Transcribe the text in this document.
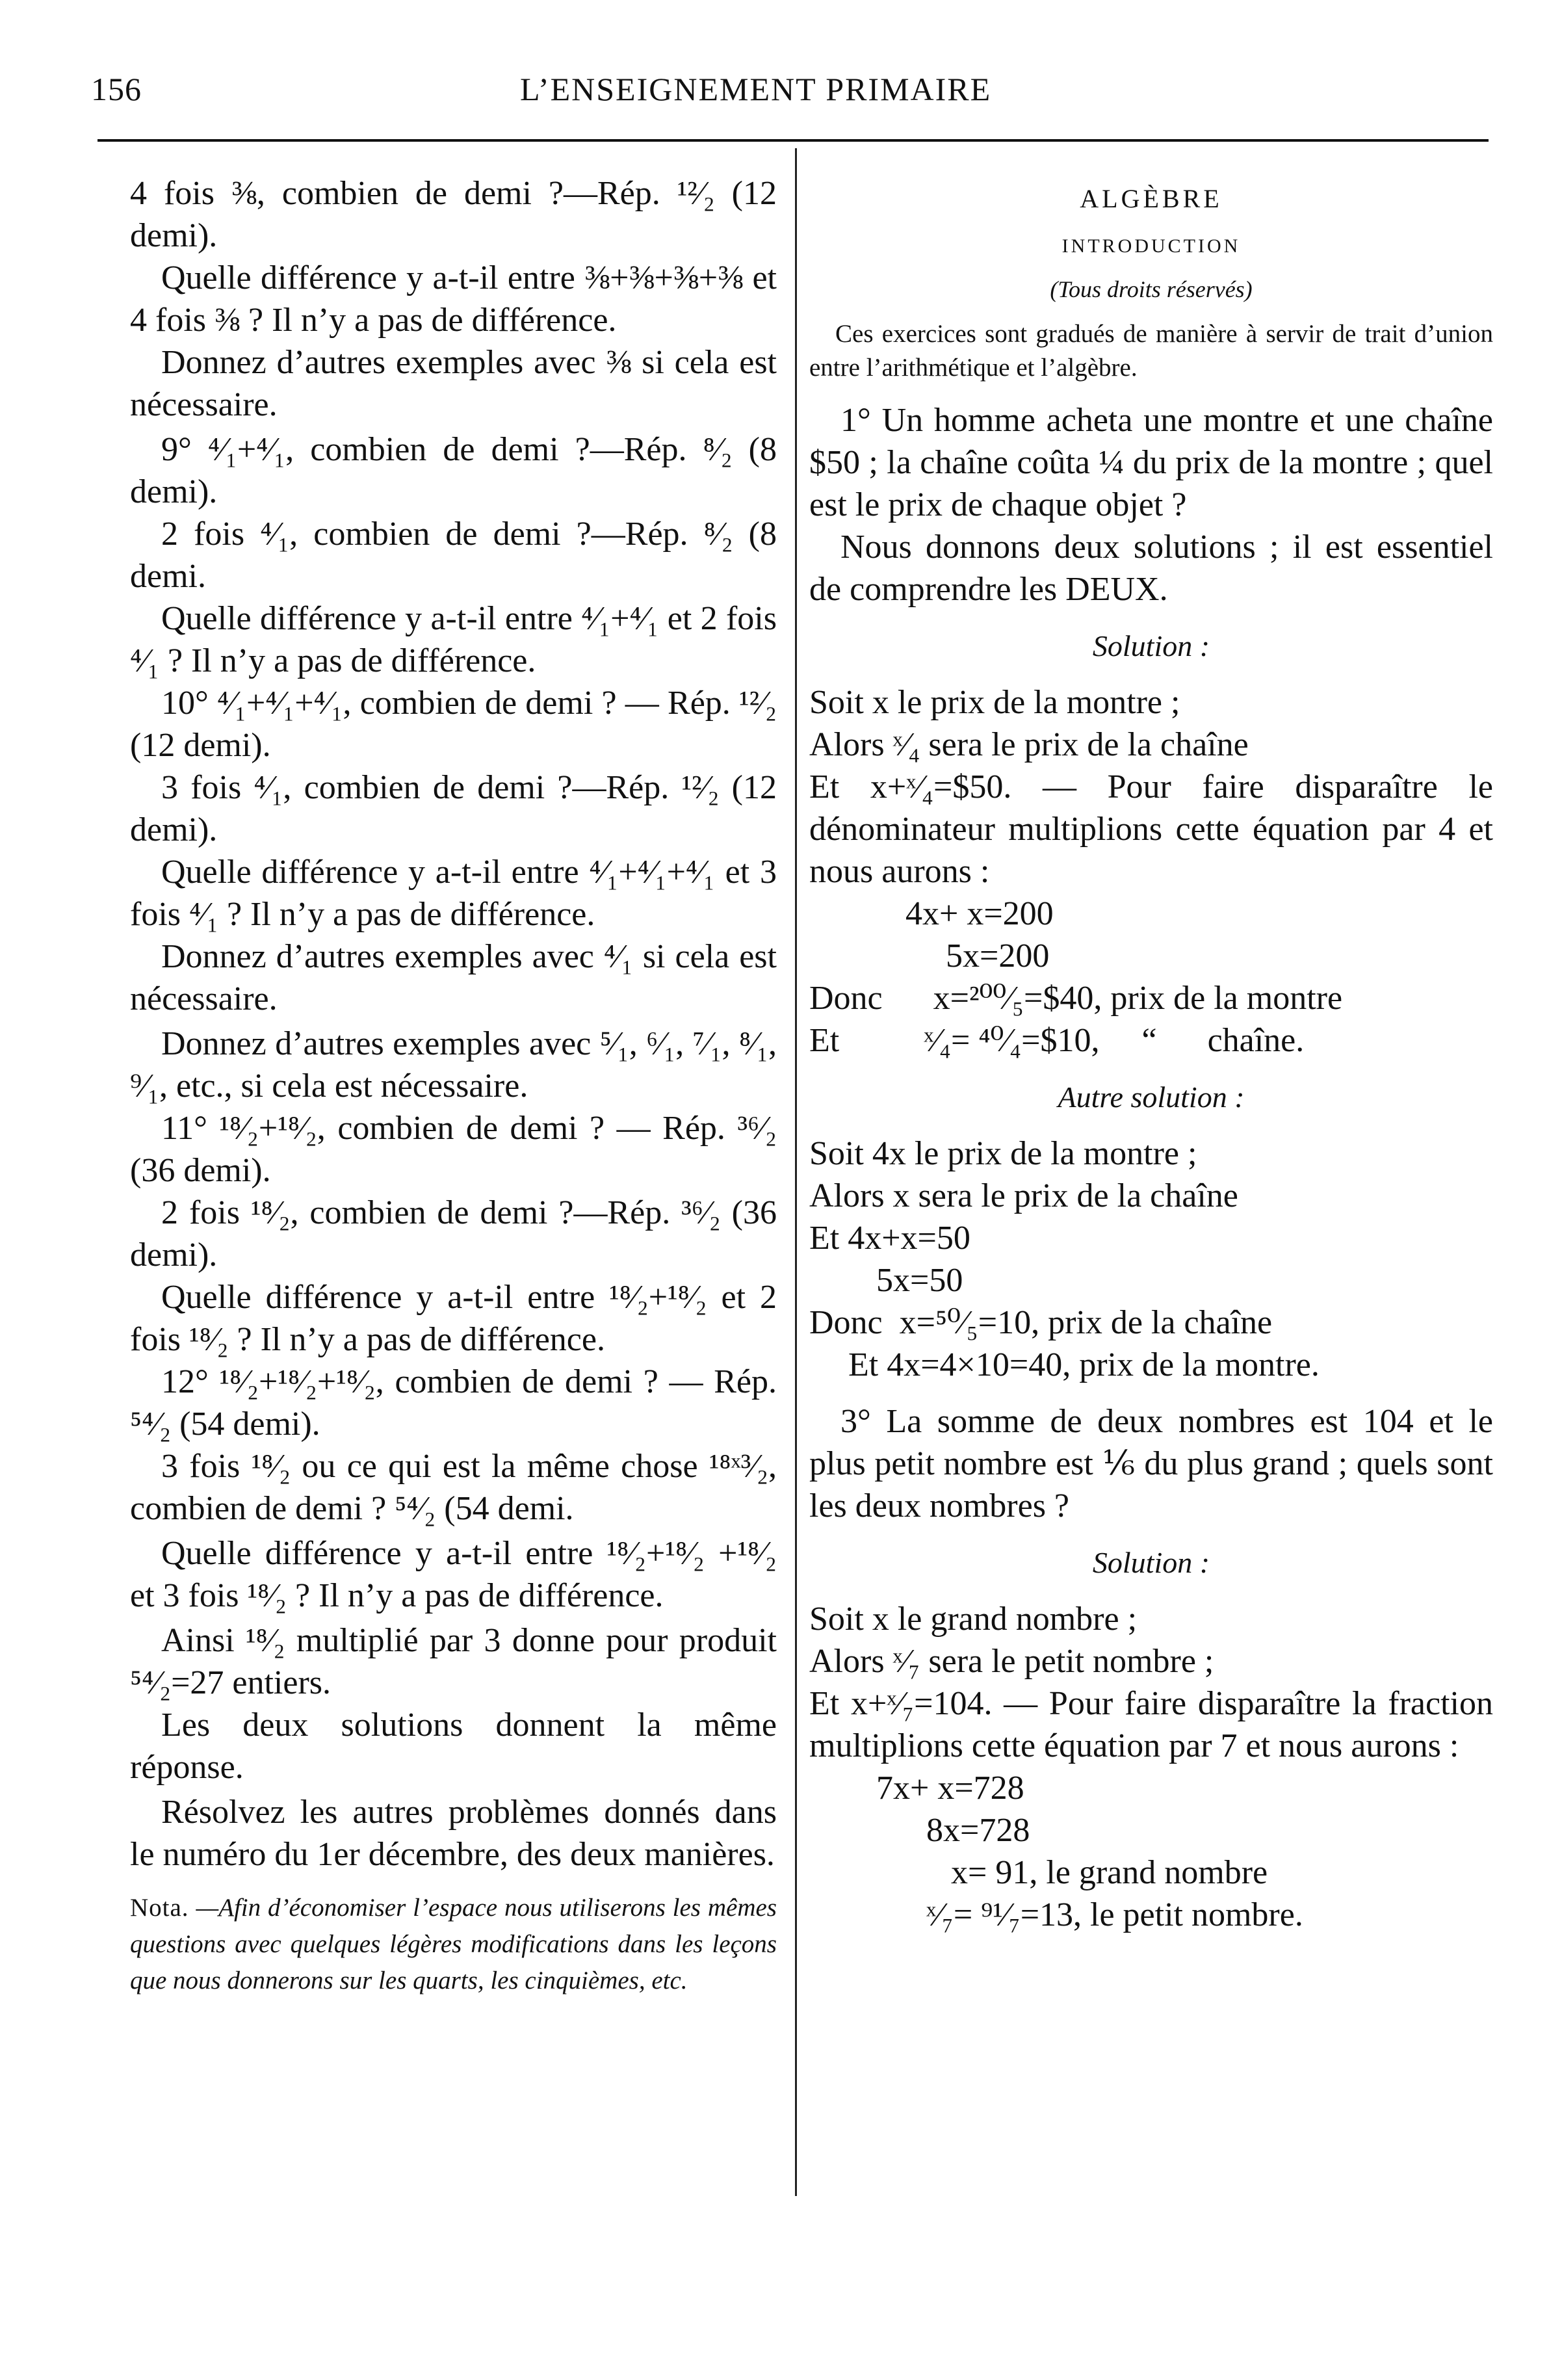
156	L’ENSEIGNEMENT PRIMAIRE

4 fois ⅜, combien de demi ?—Rép. ¹²⁄₂ (12 demi).

Quelle différence y a-t-il entre ⅜+⅜+⅜+⅜ et 4 fois ⅜ ? Il n’y a pas de différence.

Donnez d’autres exemples avec ⅜ si cela est nécessaire.

9° ⁴⁄₁+⁴⁄₁, combien de demi ?—Rép. ⁸⁄₂ (8 demi).

2 fois ⁴⁄₁, combien de demi ?—Rép. ⁸⁄₂ (8 demi.

Quelle différence y a-t-il entre ⁴⁄₁+⁴⁄₁ et 2 fois ⁴⁄₁ ? Il n’y a pas de différence.

10° ⁴⁄₁+⁴⁄₁+⁴⁄₁, combien de demi ? — Rép. ¹²⁄₂ (12 demi).

3 fois ⁴⁄₁, combien de demi ?—Rép. ¹²⁄₂ (12 demi).

Quelle différence y a-t-il entre ⁴⁄₁+⁴⁄₁+⁴⁄₁ et 3 fois ⁴⁄₁ ? Il n’y a pas de différence.

Donnez d’autres exemples avec ⁴⁄₁ si cela est nécessaire.

Donnez d’autres exemples avec ⁵⁄₁, ⁶⁄₁, ⁷⁄₁, ⁸⁄₁, ⁹⁄₁, etc., si cela est nécessaire.

11° ¹⁸⁄₂+¹⁸⁄₂, combien de demi ? — Rép. ³⁶⁄₂ (36 demi).

2 fois ¹⁸⁄₂, combien de demi ?—Rép. ³⁶⁄₂ (36 demi).

Quelle différence y a-t-il entre ¹⁸⁄₂+¹⁸⁄₂ et 2 fois ¹⁸⁄₂ ? Il n’y a pas de différence.

12° ¹⁸⁄₂+¹⁸⁄₂+¹⁸⁄₂, combien de demi ? — Rép. ⁵⁴⁄₂ (54 demi).

3 fois ¹⁸⁄₂ ou ce qui est la même chose ¹⁸ˣ³⁄₂, combien de demi ? ⁵⁴⁄₂ (54 demi.

Quelle différence y a-t-il entre ¹⁸⁄₂+¹⁸⁄₂ +¹⁸⁄₂ et 3 fois ¹⁸⁄₂ ? Il n’y a pas de différence.

Ainsi ¹⁸⁄₂ multiplié par 3 donne pour produit ⁵⁴⁄₂=27 entiers.

Les deux solutions donnent la même réponse.

Résolvez les autres problèmes donnés dans le numéro du 1er décembre, des deux manières.

Nota. —Afin d’économiser l’espace nous utiliserons les mêmes questions avec quelques légères modifications dans les leçons que nous donnerons sur les quarts, les cinquièmes, etc.

ALGÈBRE

INTRODUCTION

(Tous droits réservés)

Ces exercices sont gradués de manière à servir de trait d’union entre l’arithmétique et l’algèbre.

1° Un homme acheta une montre et une chaîne $50 ; la chaîne coûta ¼ du prix de la montre ; quel est le prix de chaque objet ?

Nous donnons deux solutions ; il est essentiel de comprendre les DEUX.

Solution :

Soit x le prix de la montre ;

Alors ˣ⁄₄ sera le prix de la chaîne

Et x+ˣ⁄₄=$50. — Pour faire disparaître le dénominateur multiplions cette équation par 4 et nous aurons :

4x+ x=200

5x=200

Donc      x=²⁰⁰⁄₅=$40, prix de la montre

Et          ˣ⁄₄= ⁴⁰⁄₄=$10,     “      chaîne.

Autre solution :

Soit 4x le prix de la montre ;

Alors x sera le prix de la chaîne

Et 4x+x=50

5x=50

Donc  x=⁵⁰⁄₅=10, prix de la chaîne

Et 4x=4×10=40, prix de la montre.

3° La somme de deux nombres est 104 et le plus petit nombre est ⅙ du plus grand ; quels sont les deux nombres ?

Solution :

Soit x le grand nombre ;

Alors ˣ⁄₇ sera le petit nombre ;

Et x+ˣ⁄₇=104. — Pour faire disparaître la fraction multiplions cette équation par 7 et nous aurons :

7x+ x=728

8x=728

x= 91, le grand nombre

ˣ⁄₇= ⁹¹⁄₇=13, le petit nombre.
